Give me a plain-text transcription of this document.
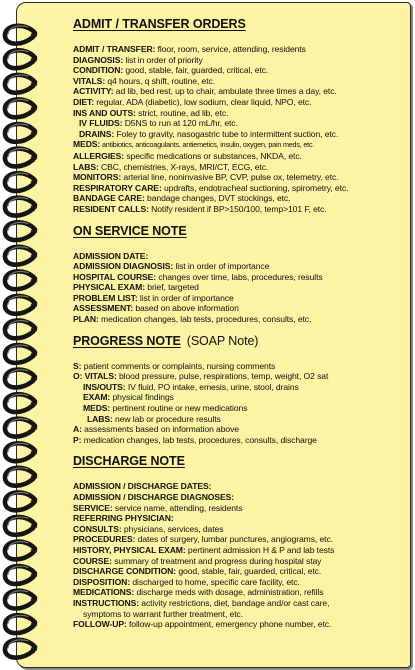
ADMIT / TRANSFER ORDERS
ADMIT / TRANSFER: floor, room, service, attending, residents
DIAGNOSIS: list in order of priority
CONDITION: good, stable, fair, guarded, critical, etc.
VITALS: q4 hours, q shift, routine, etc.
ACTIVITY: ad lib, bed rest, up to chair, ambulate three times a day, etc.
DIET: regular, ADA (diabetic), low sodium, clear liquid, NPO, etc.
INS AND OUTS: strict, routine, ad lib, etc.
IV FLUIDS: D5NS to run at 120 mL/hr, etc.
DRAINS: Foley to gravity, nasogastric tube to intermittent suction, etc.
MEDS: antibiotics, anticoagulants, antiemetics, insulin, oxygen, pain meds, etc.
ALLERGIES: specific medications or substances, NKDA, etc.
LABS: CBC, chemistries, X-rays, MRI/CT, ECG, etc.
MONITORS: arterial line, noninvasive BP, CVP, pulse ox, telemetry, etc.
RESPIRATORY CARE: updrafts, endotracheal suctioning, spirometry, etc.
BANDAGE CARE: bandage changes, DVT stockings, etc.
RESIDENT CALLS: Notify resident if BP>150/100, temp>101 F, etc.
ON SERVICE NOTE
ADMISSION DATE:
ADMISSION DIAGNOSIS: list in order of importance
HOSPITAL COURSE: changes over time, labs, procedures, results
PHYSICAL EXAM: brief, targeted
PROBLEM LIST: list in order of importance
ASSESSMENT: based on above information
PLAN: medication changes, lab tests, procedures, consults, etc.
PROGRESS NOTE (SOAP Note)
S: patient comments or complaints, nursing comments
O: VITALS: blood pressure, pulse, respirations, temp, weight, O2 sat
INS/OUTS: IV fluid, PO intake, emesis, urine, stool, drains
EXAM: physical findings
MEDS: pertinent routine or new medications
LABS: new lab or procedure results
A: assessments based on information above
P: medication changes, lab tests, procedures, consults, discharge
DISCHARGE NOTE
ADMISSION / DISCHARGE DATES:
ADMISSION / DISCHARGE DIAGNOSES:
SERVICE: service name, attending, residents
REFERRING PHYSICIAN:
CONSULTS: physicians, services, dates
PROCEDURES: dates of surgery, lumbar punctures, angiograms, etc.
HISTORY, PHYSICAL EXAM: pertinent admission H & P and lab tests
COURSE: summary of treatment and progress during hospital stay
DISCHARGE CONDITION: good, stable, fair, guarded, critical, etc.
DISPOSITION: discharged to home, specific care facility, etc.
MEDICATIONS: discharge meds with dosage, administration, refills
INSTRUCTIONS: activity restrictions, diet, bandage and/or cast care,
symptoms to warrant further treatment, etc.
FOLLOW-UP: follow-up appointment, emergency phone number, etc.
